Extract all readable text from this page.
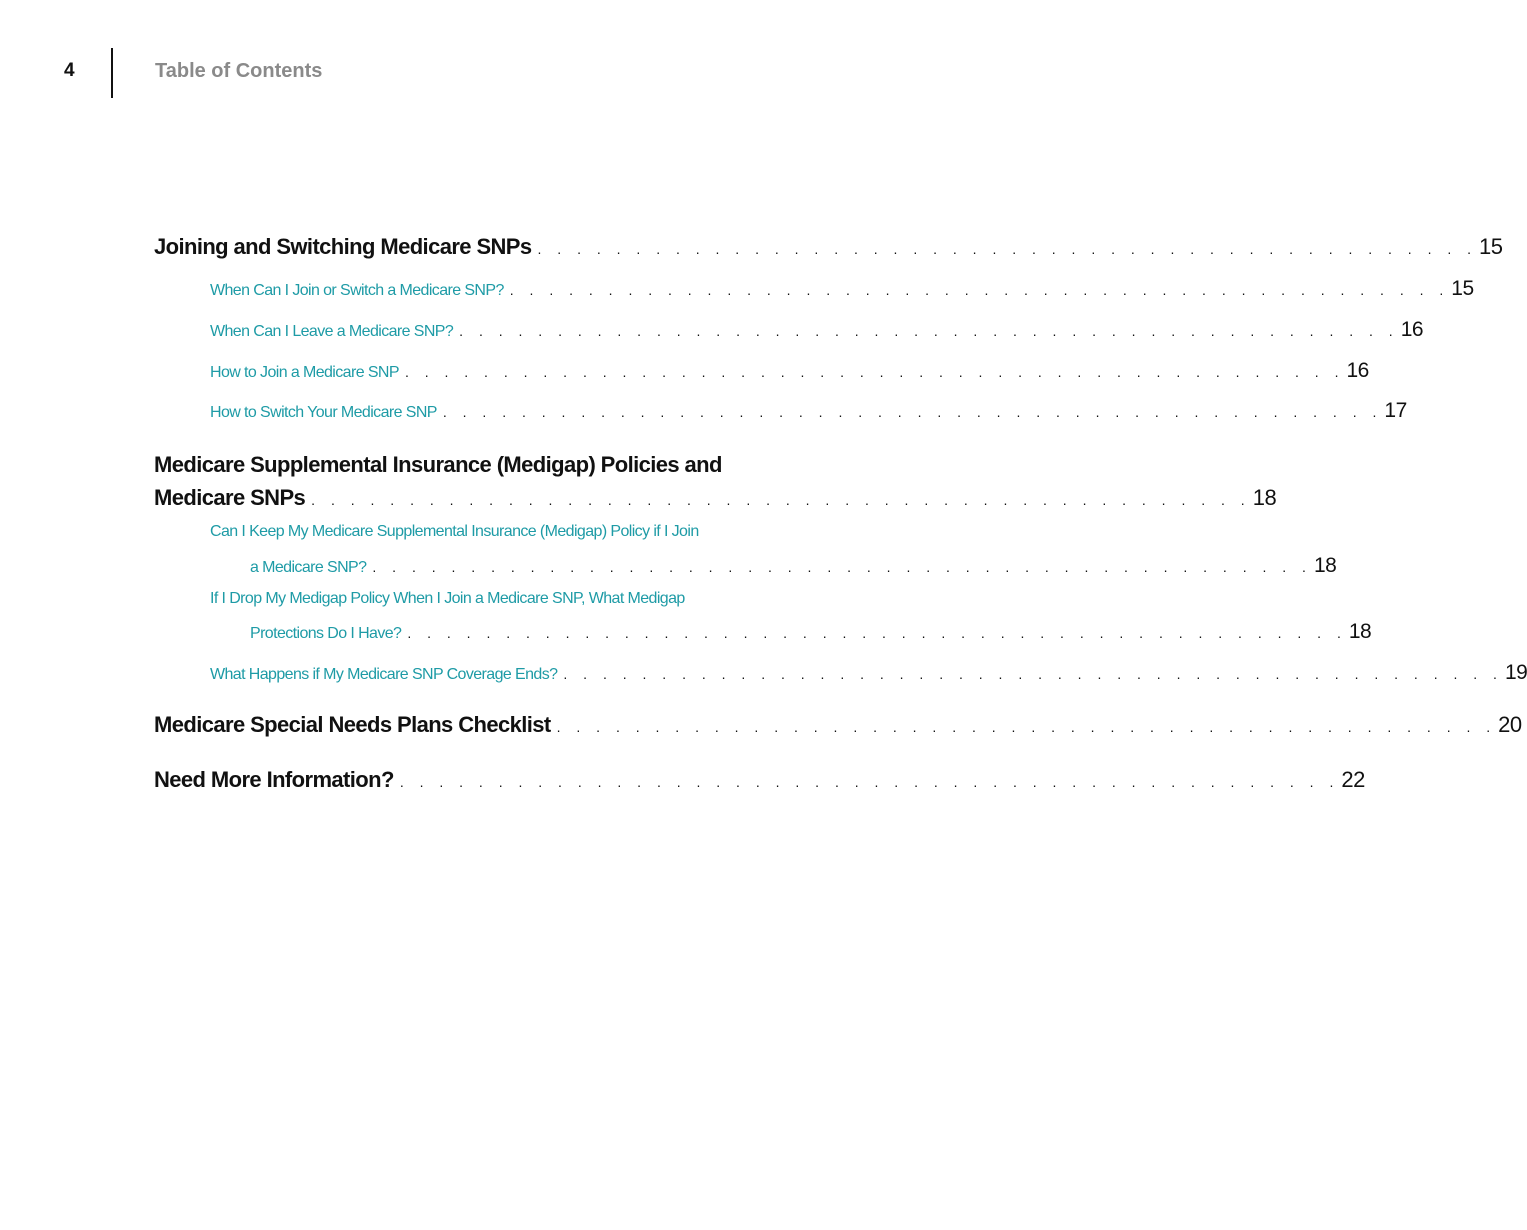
4	Table of Contents
Joining and Switching Medicare SNPs . . . . . . . . . . . . . . . . . . . . . . . . . . . . . . . . . . . . . . . . . . . . . . . . 15
When Can I Join or Switch a Medicare SNP? . . . . . . . . . . . . . . . . . . . . . . . . . . . . . . . . . . . . . . . . . . . . . . . . 15
When Can I Leave a Medicare SNP? . . . . . . . . . . . . . . . . . . . . . . . . . . . . . . . . . . . . . . . . . . . . . . . . 16
How to Join a Medicare SNP . . . . . . . . . . . . . . . . . . . . . . . . . . . . . . . . . . . . . . . . . . . . . . . . 16
How to Switch Your Medicare SNP . . . . . . . . . . . . . . . . . . . . . . . . . . . . . . . . . . . . . . . . . . . . . . . . 17
Medicare Supplemental Insurance (Medigap) Policies and
Medicare SNPs . . . . . . . . . . . . . . . . . . . . . . . . . . . . . . . . . . . . . . . . . . . . . . . . 18
Can I Keep My Medicare Supplemental Insurance (Medigap) Policy if I Join
a Medicare SNP? . . . . . . . . . . . . . . . . . . . . . . . . . . . . . . . . . . . . . . . . . . . . . . . . 18
If I Drop My Medigap Policy When I Join a Medicare SNP, What Medigap
Protections Do I Have? . . . . . . . . . . . . . . . . . . . . . . . . . . . . . . . . . . . . . . . . . . . . . . . . 18
What Happens if My Medicare SNP Coverage Ends? . . . . . . . . . . . . . . . . . . . . . . . . . . . . . . . . . . . . . . . . . . . . . . . . 19
Medicare Special Needs Plans Checklist . . . . . . . . . . . . . . . . . . . . . . . . . . . . . . . . . . . . . . . . . . . . . . . . 20
Need More Information? . . . . . . . . . . . . . . . . . . . . . . . . . . . . . . . . . . . . . . . . . . . . . . . . 22
